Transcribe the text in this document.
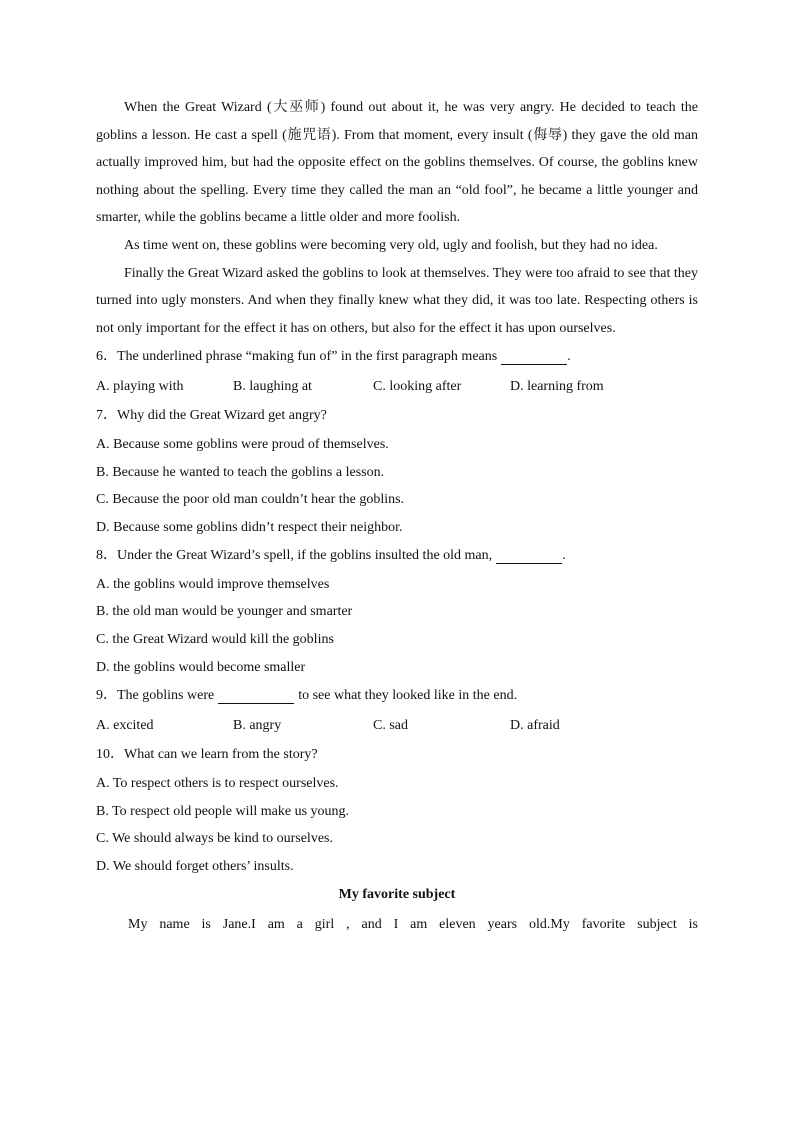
When the Great Wizard (大巫师) found out about it, he was very angry. He decided to teach the goblins a lesson. He cast a spell (施咒语). From that moment, every insult (侮辱) they gave the old man actually improved him, but had the opposite effect on the goblins themselves. Of course, the goblins knew nothing about the spelling. Every time they called the man an “old fool”, he became a little younger and smarter, while the goblins became a little older and more foolish.

As time went on, these goblins were becoming very old, ugly and foolish, but they had no idea.

Finally the Great Wizard asked the goblins to look at themselves. They were too afraid to see that they turned into ugly monsters. And when they finally knew what they did, it was too late. Respecting others is not only important for the effect it has on others, but also for the effect it has upon ourselves.

6．The underlined phrase “making fun of” in the first paragraph means	.
A. playing with	B. laughing at	C. looking after	D. learning from
7．Why did the Great Wizard get angry?
A. Because some goblins were proud of themselves.
B. Because he wanted to teach the goblins a lesson.
C. Because the poor old man couldn’t hear the goblins.
D. Because some goblins didn’t respect their neighbor.
8．Under the Great Wizard’s spell, if the goblins insulted the old man,	.
A. the goblins would improve themselves
B. the old man would be younger and smarter
C. the Great Wizard would kill the goblins
D. the goblins would become smaller
9．The goblins were	to see what they looked like in the end.
A. excited	B. angry	C. sad	D. afraid
10．What can we learn from the story?
A. To respect others is to respect ourselves.
B. To respect old people will make us young.
C. We should always be kind to ourselves.
D. We should forget others’ insults.
My favorite subject

My name is Jane.I am a girl , and I am eleven years old.My favorite subject is
